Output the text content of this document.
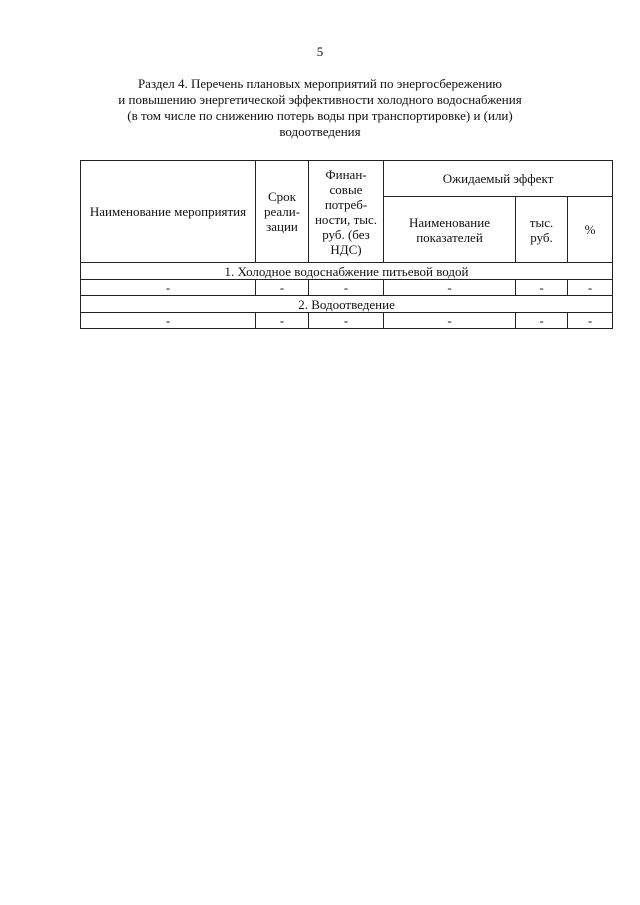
5
Раздел 4. Перечень плановых мероприятий по энергосбережению
и повышению энергетической эффективности холодного водоснабжения
(в том числе по снижению потерь воды при транспортировке) и (или)
водоотведения
Наименование мероприятия	Срок реали-зации	Финан-совые потреб-ности, тыс. руб. (без НДС)	Ожидаемый эффект		
			Наименование показателей	тыс. руб.	%
1. Холодное водоснабжение питьевой водой					
-	-	-	-	-	-
2. Водоотведение					
-	-	-	-	-	-
